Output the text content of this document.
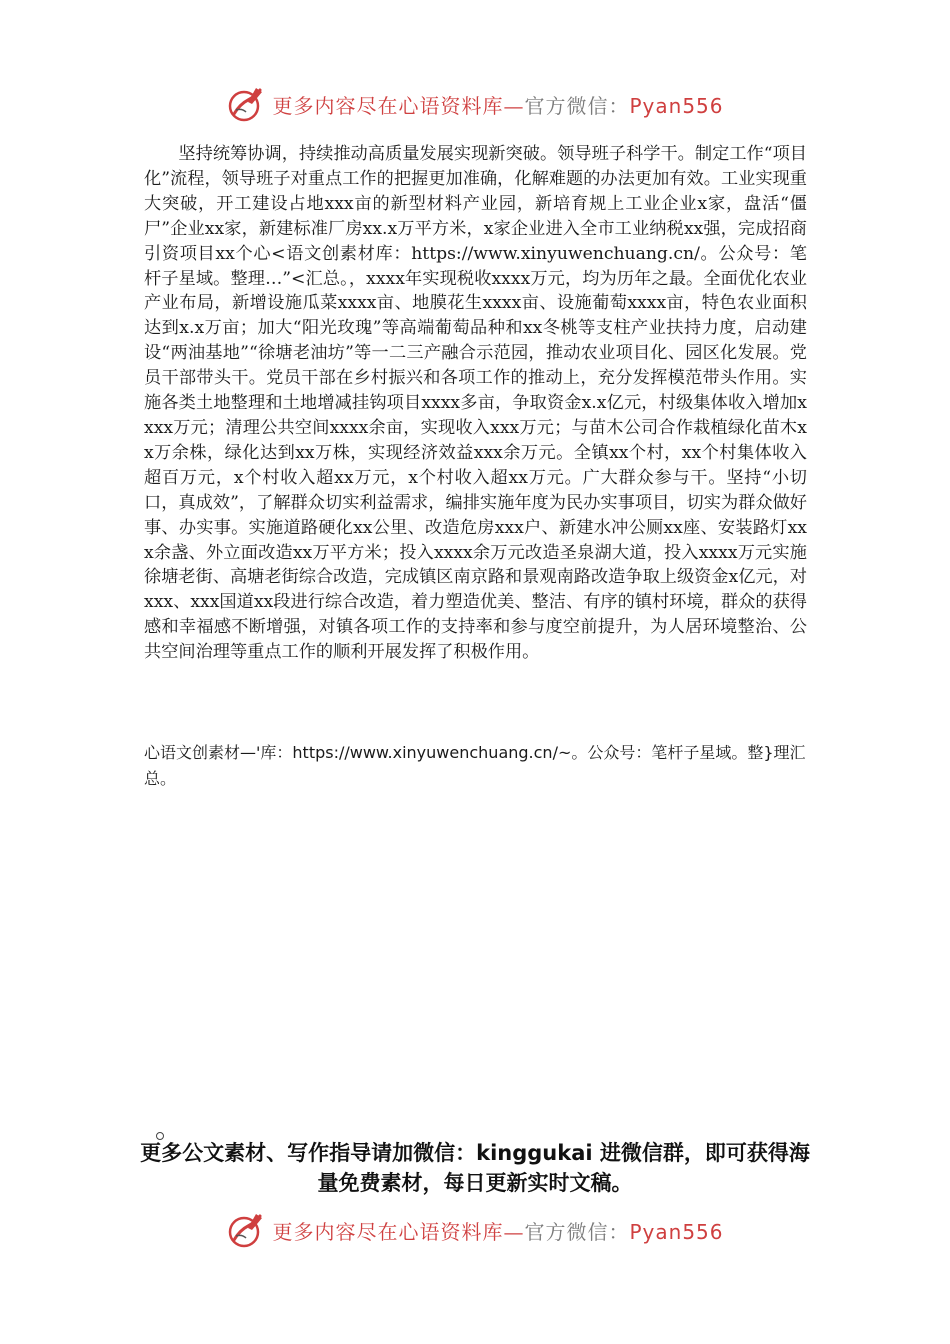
更多内容尽在心语资料库—官方微信：Pyan556

坚持统筹协调，持续推动高质量发展实现新突破。领导班子科学干。制定工作“项目化”流程，领导班子对重点工作的把握更加准确，化解难题的办法更加有效。工业实现重大突破，开工建设占地xxx亩的新型材料产业园，新培育规上工业企业x家，盘活“僵尸”企业xx家，新建标准厂房xx.x万平方米，x家企业进入全市工业纳税xx强，完成招商引资项目xx个心<语文创素材库：https://www.xinyuwenchuang.cn/。公众号：笔杆子星域。整理…”<汇总。，xxxx年实现税收xxxx万元，均为历年之最。全面优化农业产业布局，新增设施瓜菜xxxx亩、地膜花生xxxx亩、设施葡萄xxxx亩，特色农业面积达到x.x万亩；加大“阳光玫瑰”等高端葡萄品种和xx冬桃等支柱产业扶持力度，启动建设“两油基地”“徐塘老油坊”等一二三产融合示范园，推动农业项目化、园区化发展。党员干部带头干。党员干部在乡村振兴和各项工作的推动上，充分发挥模范带头作用。实施各类土地整理和土地增减挂钩项目xxxx多亩，争取资金x.x亿元，村级集体收入增加xxxx万元；清理公共空间xxxx余亩，实现收入xxx万元；与苗木公司合作栽植绿化苗木xx万余株，绿化达到xx万株，实现经济效益xxx余万元。全镇xx个村，xx个村集体收入超百万元，x个村收入超xx万元，x个村收入超xx万元。广大群众参与干。坚持“小切口，真成效”，了解群众切实利益需求，编排实施年度为民办实事项目，切实为群众做好事、办实事。实施道路硬化xx公里、改造危房xxx户、新建水冲公厕xx座、安装路灯xxx余盏、外立面改造xx万平方米；投入xxxx余万元改造圣泉湖大道，投入xxxx万元实施徐塘老街、高塘老街综合改造，完成镇区南京路和景观南路改造争取上级资金x亿元，对xxx、xxx国道xx段进行综合改造，着力塑造优美、整洁、有序的镇村环境，群众的获得感和幸福感不断增强，对镇各项工作的支持率和参与度空前提升，为人居环境整治、公共空间治理等重点工作的顺利开展发挥了积极作用。

心语文创素材—'库：https://www.xinyuwenchuang.cn/~。公众号：笔杆子星域。整}理汇总。

更多公文素材、写作指导请加微信：kinggukai 进微信群，即可获得海量免费素材，每日更新实时文稿。

更多内容尽在心语资料库—官方微信：Pyan556
